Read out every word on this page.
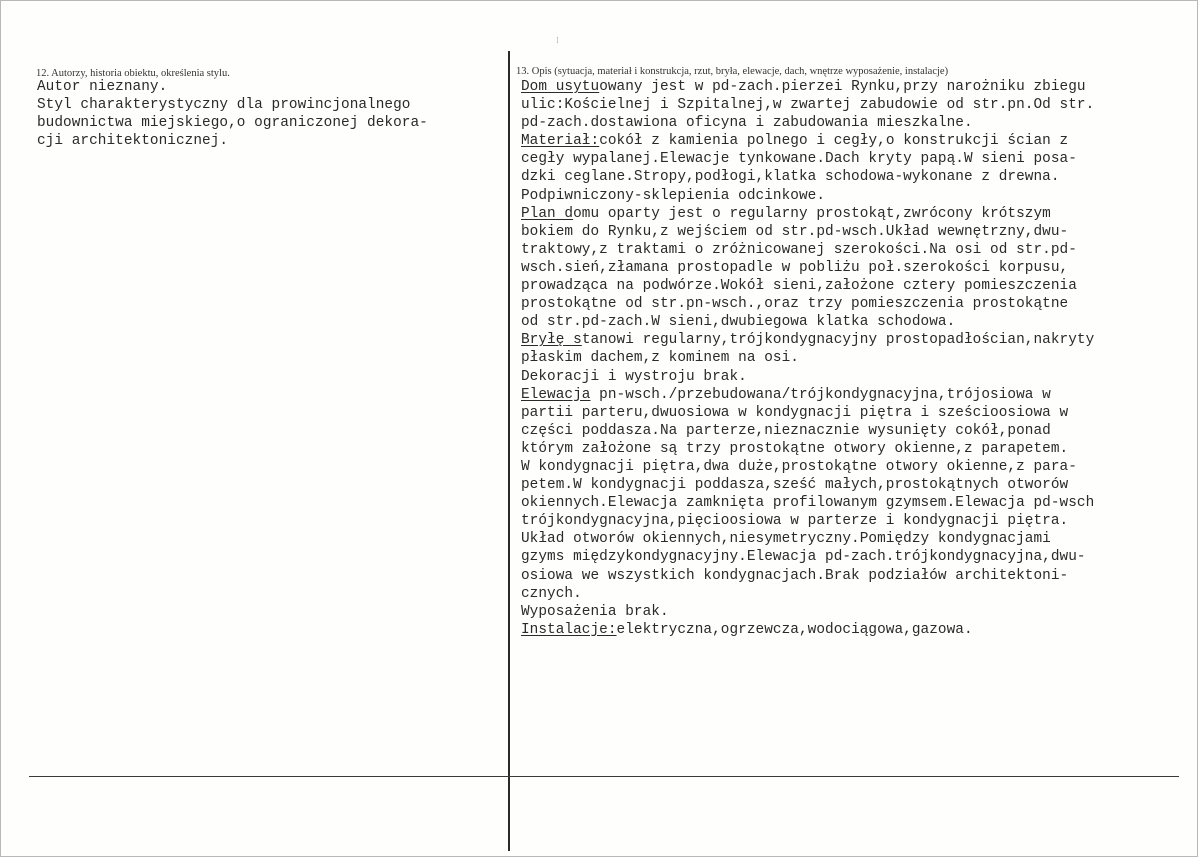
⁞
12. Autorzy, historia obiektu, określenia stylu.
Autor nieznany.
Styl charakterystyczny dla prowincjonalnego
budownictwa miejskiego,o ograniczonej dekora-
cji architektonicznej.
13. Opis (sytuacja, materiał i konstrukcja, rzut, bryła, elewacje, dach, wnętrze wyposażenie, instalacje)
Dom usytuowany jest w pd-zach.pierzei Rynku,przy narożniku zbiegu
ulic:Kościelnej i Szpitalnej,w zwartej zabudowie od str.pn.Od str.
pd-zach.dostawiona oficyna i zabudowania mieszkalne.
Materiał:cokół z kamienia polnego i cegły,o konstrukcji ścian z
cegły wypalanej.Elewacje tynkowane.Dach kryty papą.W sieni posa-
dzki ceglane.Stropy,podłogi,klatka schodowa-wykonane z drewna.
Podpiwniczony-sklepienia odcinkowe.
Plan domu oparty jest o regularny prostokąt,zwrócony krótszym
bokiem do Rynku,z wejściem od str.pd-wsch.Układ wewnętrzny,dwu-
traktowy,z traktami o zróżnicowanej szerokości.Na osi od str.pd-
wsch.sień,złamana prostopadle w pobliżu poł.szerokości korpusu,
prowadząca na podwórze.Wokół sieni,założone cztery pomieszczenia
prostokątne od str.pn-wsch.,oraz trzy pomieszczenia prostokątne
od str.pd-zach.W sieni,dwubiegowa klatka schodowa.
Bryłę stanowi regularny,trójkondygnacyjny prostopadłościan,nakryty
płaskim dachem,z kominem na osi.
Dekoracji i wystroju brak.
Elewacja pn-wsch./przebudowana/trójkondygnacyjna,trójosiowa w
partii parteru,dwuosiowa w kondygnacji piętra i sześcioosiowa w
części poddasza.Na parterze,nieznacznie wysunięty cokół,ponad
którym założone są trzy prostokątne otwory okienne,z parapetem.
W kondygnacji piętra,dwa duże,prostokątne otwory okienne,z para-
petem.W kondygnacji poddasza,sześć małych,prostokątnych otworów
okiennych.Elewacja zamknięta profilowanym gzymsem.Elewacja pd-wsch
trójkondygnacyjna,pięcioosiowa w parterze i kondygnacji piętra.
Układ otworów okiennych,niesymetryczny.Pomiędzy kondygnacjami
gzyms międzykondygnacyjny.Elewacja pd-zach.trójkondygnacyjna,dwu-
osiowa we wszystkich kondygnacjach.Brak podziałów architektoni-
cznych.
Wyposażenia brak.
Instalacje:elektryczna,ogrzewcza,wodociągowa,gazowa.
